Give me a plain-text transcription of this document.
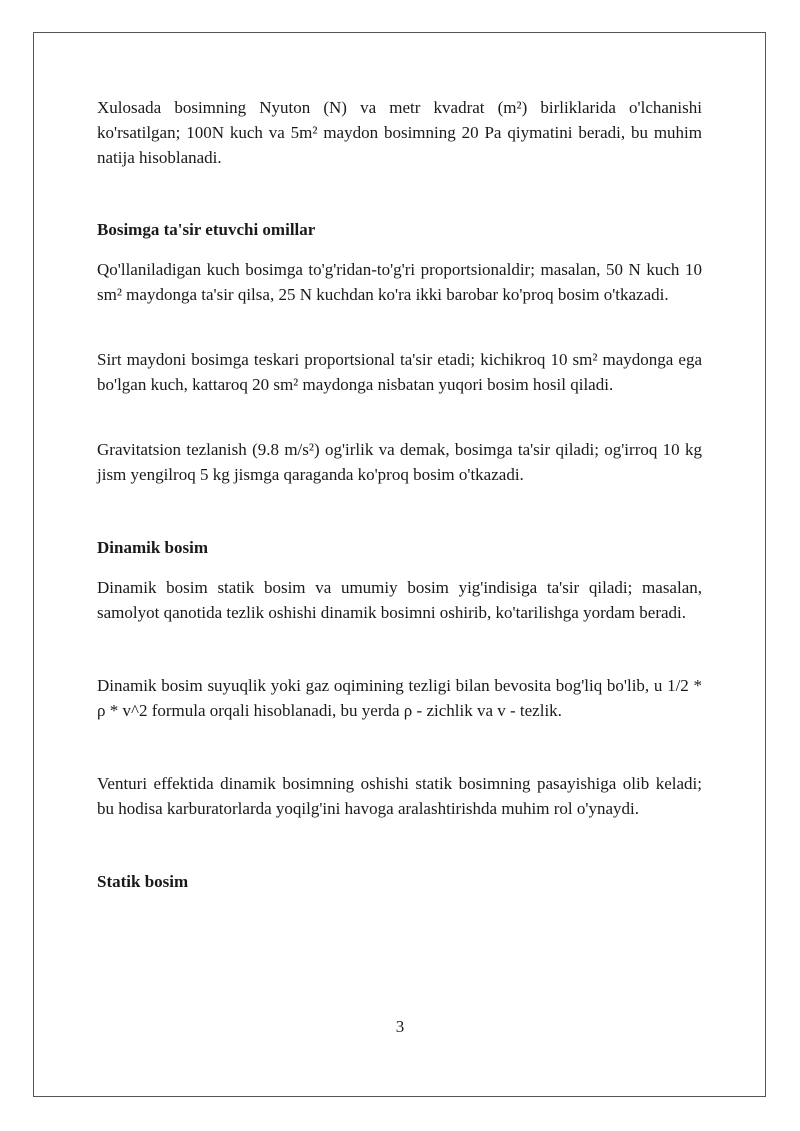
Xulosada bosimning Nyuton (N) va metr kvadrat (m²) birliklarida o'lchanishi ko'rsatilgan; 100N kuch va 5m² maydon bosimning 20 Pa qiymatini beradi, bu muhim natija hisoblanadi.

Bosimga ta'sir etuvchi omillar

Qo'llaniladigan kuch bosimga to'g'ridan-to'g'ri proportsionaldir; masalan, 50 N kuch 10 sm² maydonga ta'sir qilsa, 25 N kuchdan ko'ra ikki barobar ko'proq bosim o'tkazadi.

Sirt maydoni bosimga teskari proportsional ta'sir etadi; kichikroq 10 sm² maydonga ega bo'lgan kuch, kattaroq 20 sm² maydonga nisbatan yuqori bosim hosil qiladi.

Gravitatsion tezlanish (9.8 m/s²) og'irlik va demak, bosimga ta'sir qiladi; og'irroq 10 kg jism yengilroq 5 kg jismga qaraganda ko'proq bosim o'tkazadi.

Dinamik bosim

Dinamik bosim statik bosim va umumiy bosim yig'indisiga ta'sir qiladi; masalan, samolyot qanotida tezlik oshishi dinamik bosimni oshirib, ko'tarilishga yordam beradi.

Dinamik bosim suyuqlik yoki gaz oqimining tezligi bilan bevosita bog'liq bo'lib, u 1/2 * ρ * v^2 formula orqali hisoblanadi, bu yerda ρ - zichlik va v - tezlik.

Venturi effektida dinamik bosimning oshishi statik bosimning pasayishiga olib keladi; bu hodisa karburatorlarda yoqilg'ini havoga aralashtirishda muhim rol o'ynaydi.

Statik bosim
3
